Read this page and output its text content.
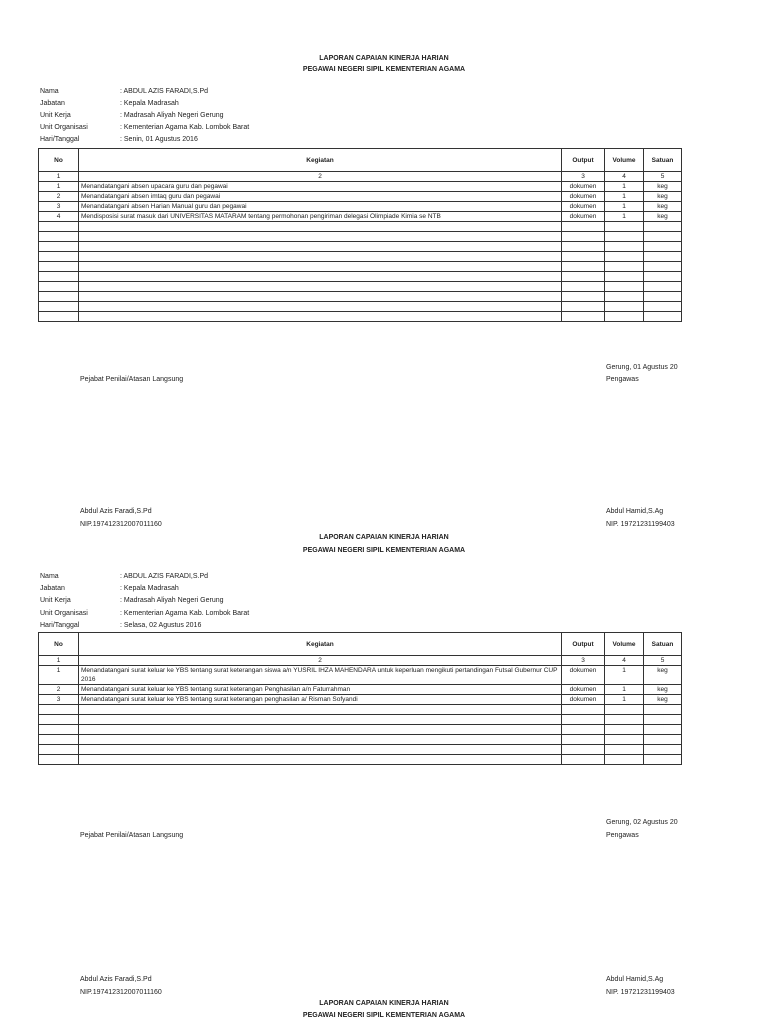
LAPORAN CAPAIAN KINERJA HARIAN
PEGAWAI NEGERI SIPIL KEMENTERIAN AGAMA
Nama	: ABDUL AZIS FARADI,S.Pd
Jabatan	: Kepala Madrasah
Unit Kerja	: Madrasah Aliyah Negeri Gerung
Unit Organisasi	: Kementerian Agama Kab. Lombok Barat
Hari/Tanggal	: Senin, 01 Agustus 2016
No	Kegiatan	Output	Volume	Satuan
1	2	3	4	5
1	Menandatangani absen upacara guru dan pegawai	dokumen	1	keg
2	Menandatangani absen imtaq guru dan pegawai	dokumen	1	keg
3	Menandatangani absen Harian Manual guru dan pegawai	dokumen	1	keg
4	Mendisposisi surat masuk dari UNIVERSITAS MATARAM tentang permohonan pengiriman delegasi Olimpiade Kimia se NTB	dokumen	1	keg

Gerung, 01 Agustus 20
Pengawas
Pejabat Penilai/Atasan Langsung
Abdul Azis Faradi,S.Pd
NIP.197412312007011160
Abdul Hamid,S.Ag
NIP. 19721231199403
LAPORAN CAPAIAN KINERJA HARIAN
PEGAWAI NEGERI SIPIL KEMENTERIAN AGAMA
Nama	: ABDUL AZIS FARADI,S.Pd
Jabatan	: Kepala Madrasah
Unit Kerja	: Madrasah Aliyah Negeri Gerung
Unit Organisasi	: Kementerian Agama Kab. Lombok Barat
Hari/Tanggal	: Selasa, 02 Agustus 2016
No	Kegiatan	Output	Volume	Satuan
1	2	3	4	5
1	Menandatangani surat keluar ke YBS tentang surat keterangan siswa a/n YUSRIL IHZA MAHENDARA untuk keperluan mengikuti pertandingan Futsal Gubernur CUP 2016	dokumen	1	keg
2	Menandatangani surat keluar ke YBS tentang surat keterangan Penghasilan a/n Faturrahman	dokumen	1	keg
3	Menandatangani surat keluar ke YBS tentang surat keterangan penghasilan a/ Risman Sofyandi	dokumen	1	keg

Gerung, 02 Agustus 20
Pengawas
Pejabat Penilai/Atasan Langsung
Abdul Azis Faradi,S.Pd
NIP.197412312007011160
Abdul Hamid,S.Ag
NIP. 19721231199403
LAPORAN CAPAIAN KINERJA HARIAN
PEGAWAI NEGERI SIPIL KEMENTERIAN AGAMA
